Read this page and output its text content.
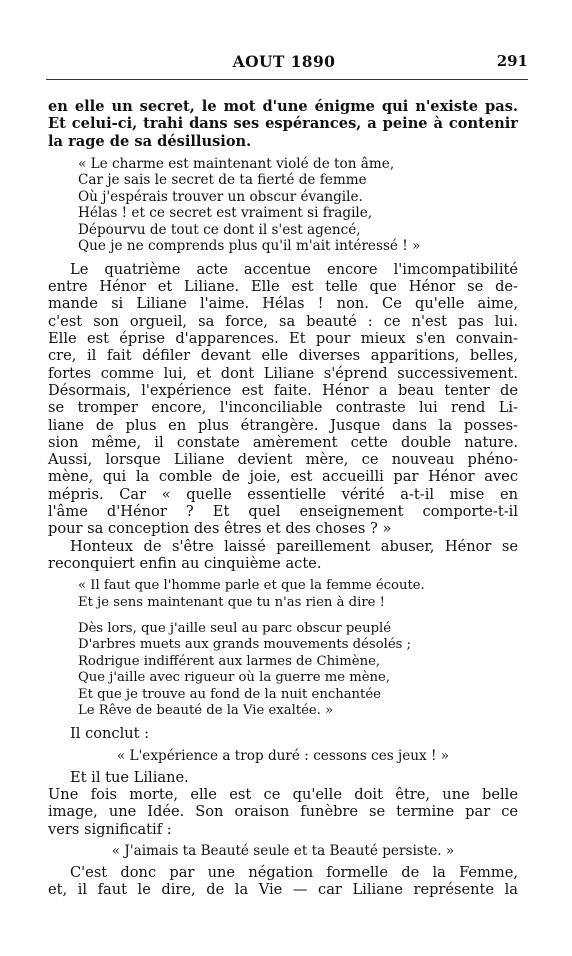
AOUT 1890	291

en elle un secret, le mot d'une énigme qui n'existe pas.
Et celui-ci, trahi dans ses espérances, a peine à contenir
la rage de sa désillusion.

« Le charme est maintenant violé de ton âme,
Car je sais le secret de ta fierté de femme
Où j'espérais trouver un obscur évangile.
Hélas ! et ce secret est vraiment si fragile,
Dépourvu de tout ce dont il s'est agencé,
Que je ne comprends plus qu'il m'ait intéressé ! »

Le quatrième acte accentue encore l'imcompatibilité
entre Hénor et Liliane. Elle est telle que Hénor se de-
mande si Liliane l'aime. Hélas ! non. Ce qu'elle aime,
c'est son orgueil, sa force, sa beauté : ce n'est pas lui.
Elle est éprise d'apparences. Et pour mieux s'en convain-
cre, il fait défiler devant elle diverses apparitions, belles,
fortes comme lui, et dont Liliane s'éprend successivement.
Désormais, l'expérience est faite. Hénor a beau tenter de
se tromper encore, l'inconciliable contraste lui rend Li-
liane de plus en plus étrangère. Jusque dans la posses-
sion même, il constate amèrement cette double nature.
Aussi, lorsque Liliane devient mère, ce nouveau phéno-
mène, qui la comble de joie, est accueilli par Hénor avec
mépris. Car « quelle essentielle vérité a-t-il mise en
l'âme d'Hénor ? Et quel enseignement comporte-t-il
pour sa conception des êtres et des choses ? »

Honteux de s'être laissé pareillement abuser, Hénor se
reconquiert enfin au cinquième acte.

« Il faut que l'homme parle et que la femme écoute.
Et je sens maintenant que tu n'as rien à dire !
Dès lors, que j'aille seul au parc obscur peuplé
D'arbres muets aux grands mouvements désolés ;
Rodrigue indifférent aux larmes de Chimène,
Que j'aille avec rigueur où la guerre me mène,
Et que je trouve au fond de la nuit enchantée
Le Rêve de beauté de la Vie exaltée. »

Il conclut :

« L'expérience a trop duré : cessons ces jeux ! »

Et il tue Liliane.

Une fois morte, elle est ce qu'elle doit être, une belle
image, une Idée. Son oraison funèbre se termine par ce
vers significatif :

« J'aimais ta Beauté seule et ta Beauté persiste. »

C'est donc par une négation formelle de la Femme,
et, il faut le dire, de la Vie — car Liliane représente la
